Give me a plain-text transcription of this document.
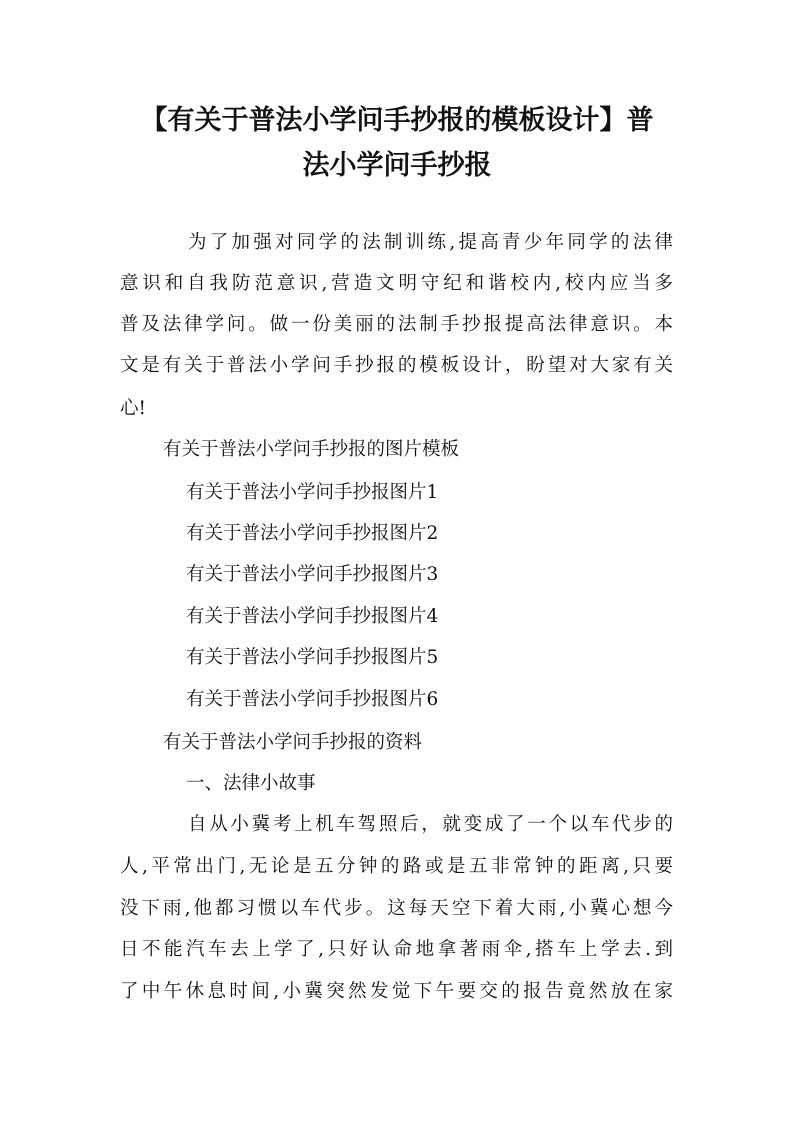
【有关于普法小学问手抄报的模板设计】普
法小学问手抄报
为了加强对同学的法制训练,提高青少年同学的法律
意识和自我防范意识,营造文明守纪和谐校内,校内应当多
普及法律学问。做一份美丽的法制手抄报提高法律意识。本
文是有关于普法小学问手抄报的模板设计，盼望对大家有关
心!
有关于普法小学问手抄报的图片模板
有关于普法小学问手抄报图片1
有关于普法小学问手抄报图片2
有关于普法小学问手抄报图片3
有关于普法小学问手抄报图片4
有关于普法小学问手抄报图片5
有关于普法小学问手抄报图片6
有关于普法小学问手抄报的资料
一、法律小故事
自从小冀考上机车驾照后，就变成了一个以车代步的
人,平常出门,无论是五分钟的路或是五非常钟的距离,只要
没下雨,他都习惯以车代步。这每天空下着大雨,小冀心想今
日不能汽车去上学了,只好认命地拿著雨伞,搭车上学去.到
了中午休息时间,小冀突然发觉下午要交的报告竟然放在家
